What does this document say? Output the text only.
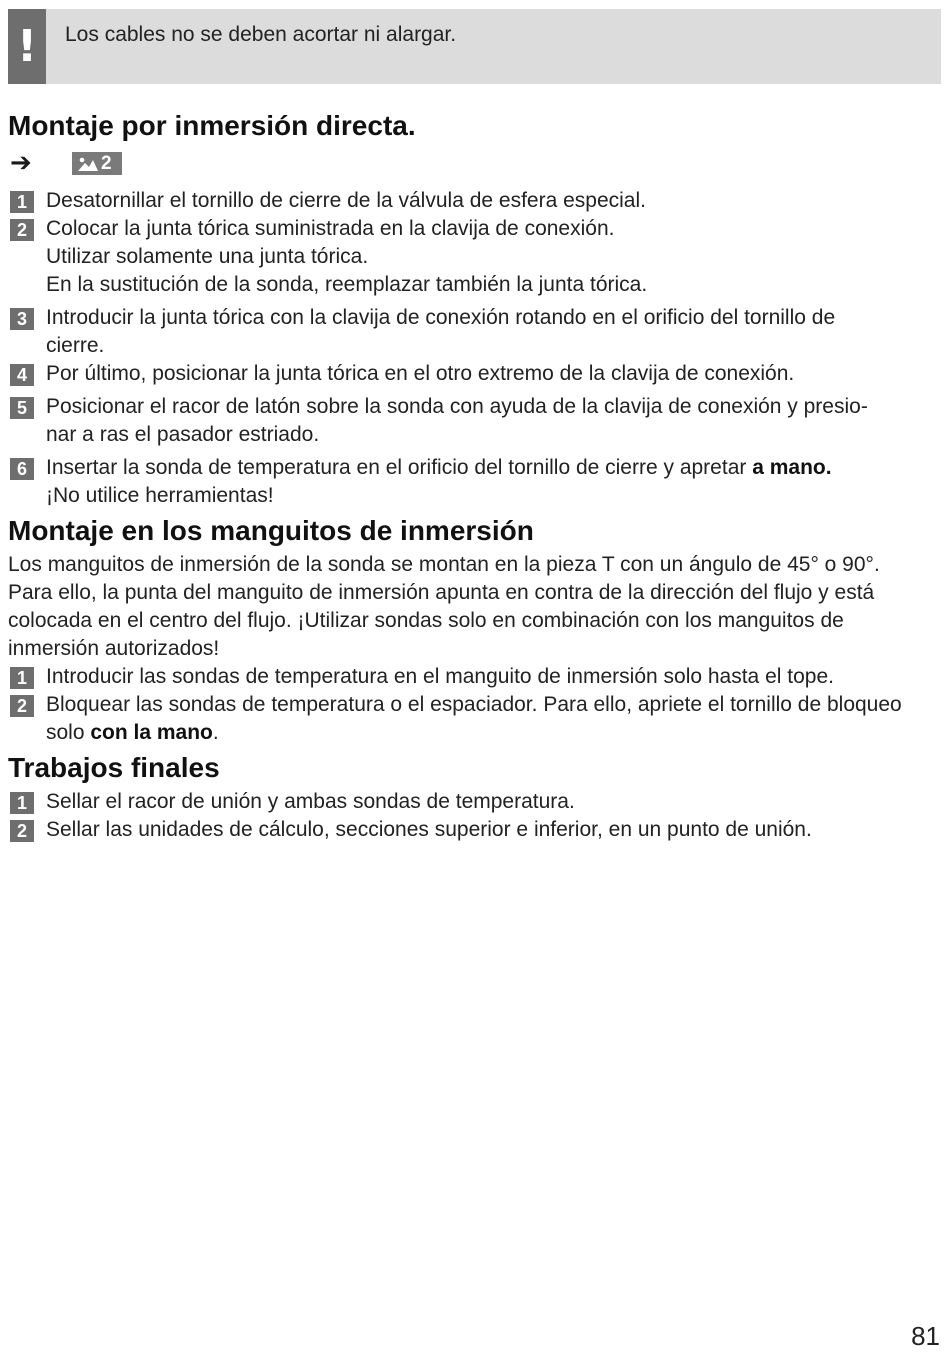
!	Los cables no se deben acortar ni alargar.
Montaje por inmersión directa.
➔	2
1 Desatornillar el tornillo de cierre de la válvula de esfera especial.

2 Colocar la junta tórica suministrada en la clavija de conexión.

Utilizar solamente una junta tórica.

En la sustitución de la sonda, reemplazar también la junta tórica.

3 Introducir la junta tórica con la clavija de conexión rotando en el orificio del tornillo de

cierre.

4 Por último, posicionar la junta tórica en el otro extremo de la clavija de conexión.

5 Posicionar el racor de latón sobre la sonda con ayuda de la clavija de conexión y presio-

nar a ras el pasador estriado.

6 Insertar la sonda de temperatura en el orificio del tornillo de cierre y apretar a mano.

¡No utilice herramientas!

Montaje en los manguitos de inmersión

Los manguitos de inmersión de la sonda se montan en la pieza T con un ángulo de 45° o 90°. Para ello, la punta del manguito de inmersión apunta en contra de la dirección del flujo y está colocada en el centro del flujo. ¡Utilizar sondas solo en combinación con los manguitos de inmersión autorizados!

1 Introducir las sondas de temperatura en el manguito de inmersión solo hasta el tope.

2 Bloquear las sondas de temperatura o el espaciador. Para ello, apriete el tornillo de bloqueo solo con la mano.

Trabajos finales
1 Sellar el racor de unión y ambas sondas de temperatura.

2 Sellar las unidades de cálculo, secciones superior e inferior, en un punto de unión.

81
